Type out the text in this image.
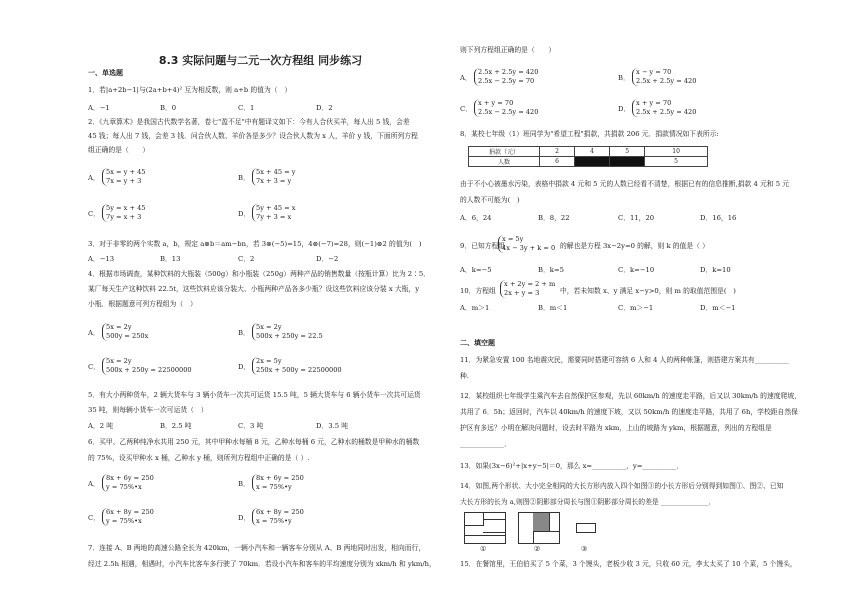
8.3 实际问题与二元一次方程组 同步练习
一、单选题
1．若|a+2b−1|与(2a+b+4)² 互为相反数，则 a+b 的值为（　）
A．−1	B．0	C．1	D．2
2．《九章算术》是我国古代数学名著，卷七"盈不足"中有题译文如下：今有人合伙买羊，每人出 5 钱，会差
45 钱；每人出 7 钱，会差 3 钱．问合伙人数、羊价各是多少？设合伙人数为 x 人，羊价 y 钱，下面所列方程
组正确的是（　　）
3．对于非零的两个实数 a，b，规定 a⊗b＝am−bn，若 3⊗(−5)=15，4⊗(−7)=28，则(−1)⊗2 的值为(　)
A．−13	B．13	C．2	D．−2
4．根据市场调查，某种饮料的大瓶装（500g）和小瓶装（250g）两种产品的销售数量（按瓶计算）比为 2∶5．
某厂每天生产这种饮料 22.5t，这些饮料应该分装大、小瓶两种产品各多少瓶？设这些饮料应该分装 x 大瓶，y
小瓶．根据题意可列方程组为（　）
5．有大小两种货车，2 辆大货车与 3 辆小货车一次共可运货 15.5 吨，5 辆大货车与 6 辆小货车一次共可运货
35 吨，则每辆小货车一次可运货（　）
A．2 吨	B．2.5 吨	C．3 吨	D．3.5 吨
6．买甲、乙两种纯净水共用 250 元，其中甲种水每桶 8 元，乙种水每桶 6 元，乙种水的桶数是甲种水的桶数
的 75%，设买甲种水 x 桶，乙种水 y 桶，则所列方程组中正确的是（ ）.
7．连接 A、B 两地的高速公路全长为 420km，一辆小汽车和一辆客车分别从 A、B 两地同时出发，相向而行，
经过 2.5h 相遇，相遇时，小汽车比客车多行驶了 70km．若设小汽车和客车的平均速度分别为 xkm/h 和 ykm/h，
A．
5x = y + 45
7x = y + 3	B．
5x + 45 = y
7x + 3 = y
C．
5y = x + 45
7y = x + 3	D．
5y + 45 = x
7y + 3 = x
A．
5x = 2y
500y = 250x	B．
5x = 2y
500x + 250y = 22.5
C．
5x = 2y
500x + 250y = 22500000	D．
2x = 5y
250x + 500y = 22500000
A．
8x + 6y = 250
y = 75%•x	B．
8x + 6y = 250
x = 75%•y
C．
6x + 8y = 250
y = 75%•x	D．
6x + 8y = 250
x = 75%•y
则下列方程组正确的是（　　）
8．某校七年级（1）班同学为"希望工程"捐款，共捐款 206 元．捐款情况如下表所示:
由于不小心被墨水污染，表格中捐款 4 元和 5 元的人数已经看不清楚，根据已有的信息推断,捐款 4 元和 5 元
的人数不可能为(　)
A．6，24	B．8，22	C．11，20	D．16，16
A．k=−5	B．k=5	C．k=−10	D．k=10
A．m＞1	B．m＜1	C．m＞−1	D．m＜−1
11．为紧急安置 100 名地震灾民，需要同时搭建可容纳 6 人和 4 人的两种帐篷，则搭建方案共有__________
种.
12．某校组织七年级学生乘汽车去自然保护区参观，先以 60km/h 的速度走平路，后又以 30km/h 的速度爬坡，
共用了 6．5h；返回时，汽车以 40km/h 的速度下坡，又以 50km/h 的速度走平路，共用了 6h，学校距自然保
护区有多远？小明在解决问题时，设去时平路为 xkm，上山的坡路为 ykm，根据题意，列出的方程组是
_____________．
13．如果(3x−6)²+|x+y−5|＝0，那么 x=__________，y=__________．
14．如图,两个形状、大小完全相同的大长方形内放入四个如图③的小长方形后分别得到如图①、图②、已知
大长方形的长为 a,则图②阴影部分周长与图①阴影部分周长的差是 ______________．
15．在餐馆里，王伯伯买了 5 个菜，3 个馒头，老板少收 3 元，只收 60 元，李太太买了 10 个菜，5 个馒头，
A．
2.5x + 2.5y = 420
2.5x − 2.5y = 70	B．
x − y = 70
2.5x + 2.5y = 420
C．
x + y = 70
2.5x − 2.5y = 420	D．
x + y = 70
2.5x + 2.5y = 420
捐款（元）	2	4	5	10
人数	6			5
9．已知方程组
x = 5y
4x − 3y + k = 0 的解也是方程 3x−2y=0 的解，则 k 的值是（ ）
10．方程组
x + 2y = 2 + m
2x + y = 3	中，若未知数 x、y 满足 x−y>0，则 m 的取值范围是(　)
二、填空题
①	②	③
